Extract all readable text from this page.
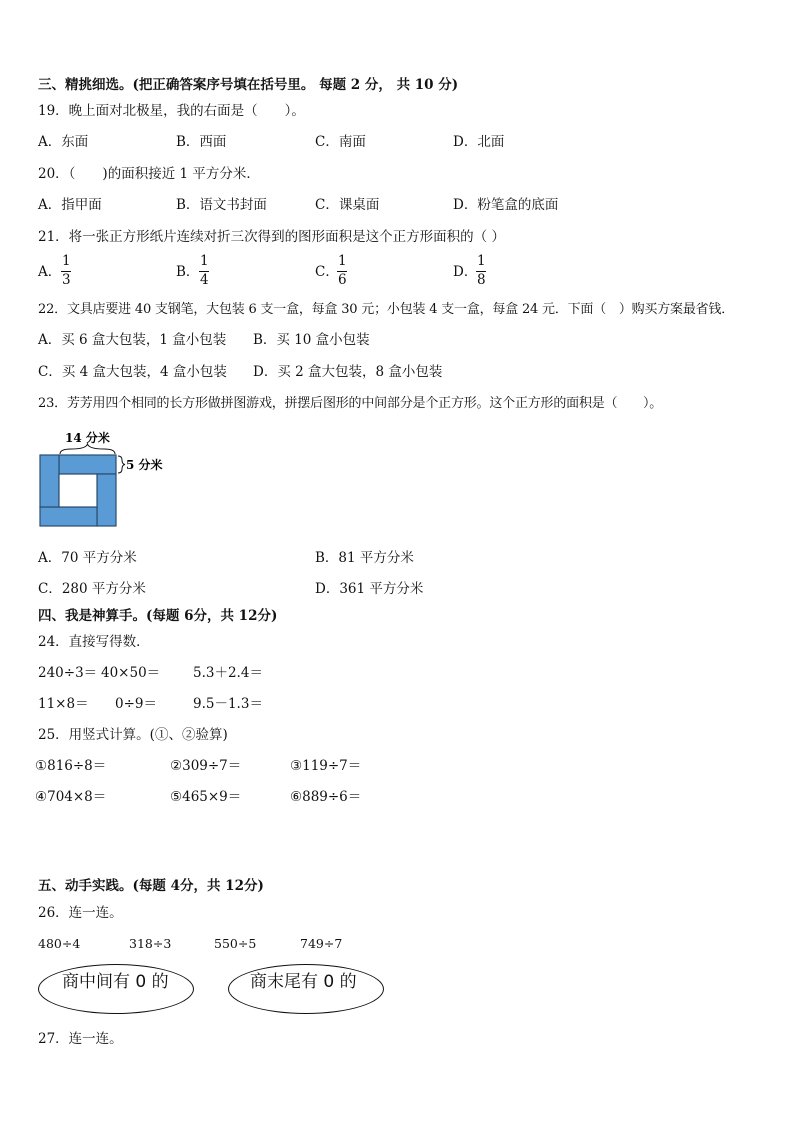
三、精挑细选。(把正确答案序号填在括号里。 每题 2 分， 共 10 分)
19．晚上面对北极星，我的右面是（　　）。
A．东面	B．西面	C．南面	D．北面
20．（　　)的面积接近 1 平方分米．
A．指甲面	B．语文书封面	C．课桌面	D．粉笔盒的底面
21．将一张正方形纸片连续对折三次得到的图形面积是这个正方形面积的（ ）
A．
1
3	B．
1
4	C．
1
6	D．
1
8
22．文具店要进 40 支钢笔，大包装 6 支一盒，每盒 30 元；小包装 4 支一盒，每盒 24 元．下面（　）购买方案最省钱．
A．买 6 盒大包装，1 盒小包装 B．买 10 盒小包装
C．买 4 盒大包装，4 盒小包装 D．买 2 盒大包装，8 盒小包装
23．芳芳用四个相同的长方形做拼图游戏，拼摆后图形的中间部分是个正方形。这个正方形的面积是（　　）。
14 分米
5 分米
A．70 平方分米	B．81 平方分米
C．280 平方分米	D．361 平方分米
四、我是神算手。(每题 6分，共 12分)
24．直接写得数．
240÷3＝ 40×50＝ 5.3＋2.4＝
11×8＝ 0÷9＝	9.5－1.3＝
25．用竖式计算。(①、②验算)
①816÷8＝	②309÷7＝	③119÷7＝
④704×8＝	⑤465×9＝	⑥889÷6＝
五、动手实践。(每题 4分，共 12分)
26．连一连。
480÷4	318÷3	550÷5	749÷7
商中间有 0 的	商末尾有 0 的
27．连一连。
